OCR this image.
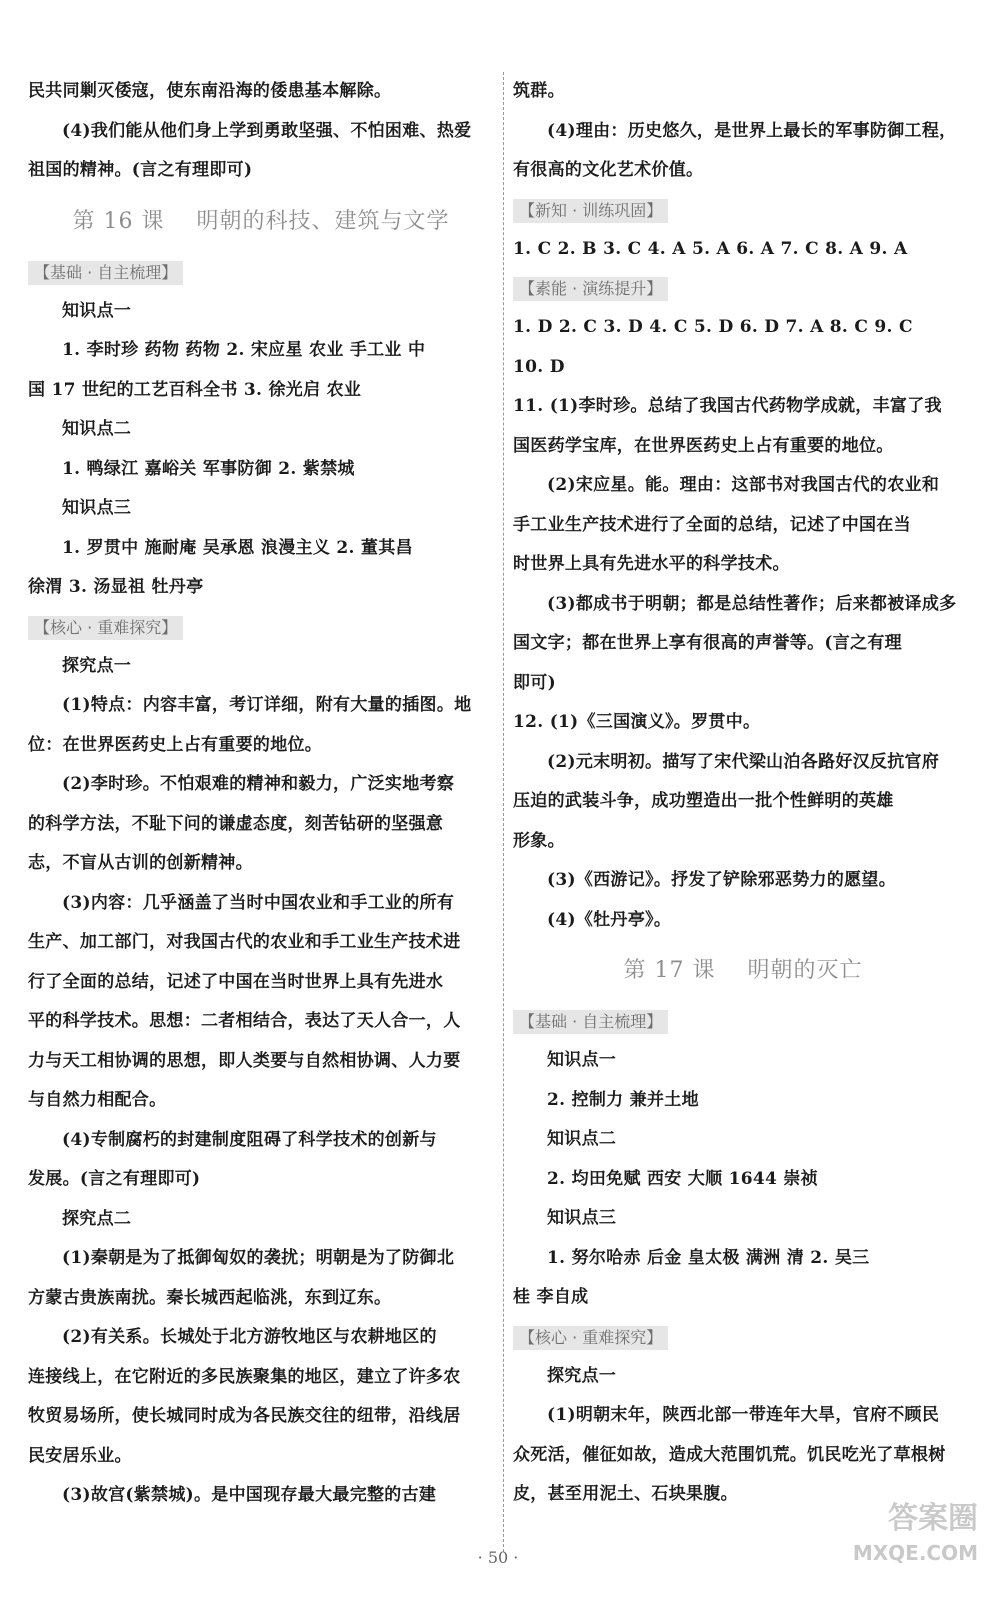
民共同剿灭倭寇，使东南沿海的倭患基本解除。
(4)我们能从他们身上学到勇敢坚强、不怕困难、热爱
祖国的精神。(言之有理即可)
第 16 课 明朝的科技、建筑与文学
【基础 · 自主梳理】
知识点一
1. 李时珍 药物 药物 2. 宋应星 农业 手工业 中
国 17 世纪的工艺百科全书 3. 徐光启 农业
知识点二
1. 鸭绿江 嘉峪关 军事防御 2. 紫禁城
知识点三
1. 罗贯中 施耐庵 吴承恩 浪漫主义 2. 董其昌
徐渭 3. 汤显祖 牡丹亭
【核心 · 重难探究】
探究点一
(1)特点：内容丰富，考订详细，附有大量的插图。地
位：在世界医药史上占有重要的地位。
(2)李时珍。不怕艰难的精神和毅力，广泛实地考察
的科学方法，不耻下问的谦虚态度，刻苦钻研的坚强意
志，不盲从古训的创新精神。
(3)内容：几乎涵盖了当时中国农业和手工业的所有
生产、加工部门，对我国古代的农业和手工业生产技术进
行了全面的总结，记述了中国在当时世界上具有先进水
平的科学技术。思想：二者相结合，表达了天人合一，人
力与天工相协调的思想，即人类要与自然相协调、人力要
与自然力相配合。
(4)专制腐朽的封建制度阻碍了科学技术的创新与
发展。(言之有理即可)
探究点二
(1)秦朝是为了抵御匈奴的袭扰；明朝是为了防御北
方蒙古贵族南扰。秦长城西起临洮，东到辽东。
(2)有关系。长城处于北方游牧地区与农耕地区的
连接线上，在它附近的多民族聚集的地区，建立了许多农
牧贸易场所，使长城同时成为各民族交往的纽带，沿线居
民安居乐业。
(3)故宫(紫禁城)。是中国现存最大最完整的古建
筑群。
(4)理由：历史悠久，是世界上最长的军事防御工程，
有很高的文化艺术价值。
【新知 · 训练巩固】
1. C 2. B 3. C 4. A 5. A 6. A 7. C 8. A 9. A
【素能 · 演练提升】
1. D 2. C 3. D 4. C 5. D 6. D 7. A 8. C 9. C
10. D
11. (1)李时珍。总结了我国古代药物学成就，丰富了我
国医药学宝库，在世界医药史上占有重要的地位。
(2)宋应星。能。理由：这部书对我国古代的农业和
手工业生产技术进行了全面的总结，记述了中国在当
时世界上具有先进水平的科学技术。
(3)都成书于明朝；都是总结性著作；后来都被译成多
国文字；都在世界上享有很高的声誉等。(言之有理
即可)
12. (1)《三国演义》。罗贯中。
(2)元末明初。描写了宋代梁山泊各路好汉反抗官府
压迫的武装斗争，成功塑造出一批个性鲜明的英雄
形象。
(3)《西游记》。抒发了铲除邪恶势力的愿望。
(4)《牡丹亭》。
第 17 课 明朝的灭亡
【基础 · 自主梳理】
知识点一
2. 控制力 兼并土地
知识点二
2. 均田免赋 西安 大顺 1644 崇祯
知识点三
1. 努尔哈赤 后金 皇太极 满洲 清 2. 吴三
桂 李自成
【核心 · 重难探究】
探究点一
(1)明朝末年，陕西北部一带连年大旱，官府不顾民
众死活，催征如故，造成大范围饥荒。饥民吃光了草根树
皮，甚至用泥土、石块果腹。
· 50 ·
答案圈
MXQE.COM
